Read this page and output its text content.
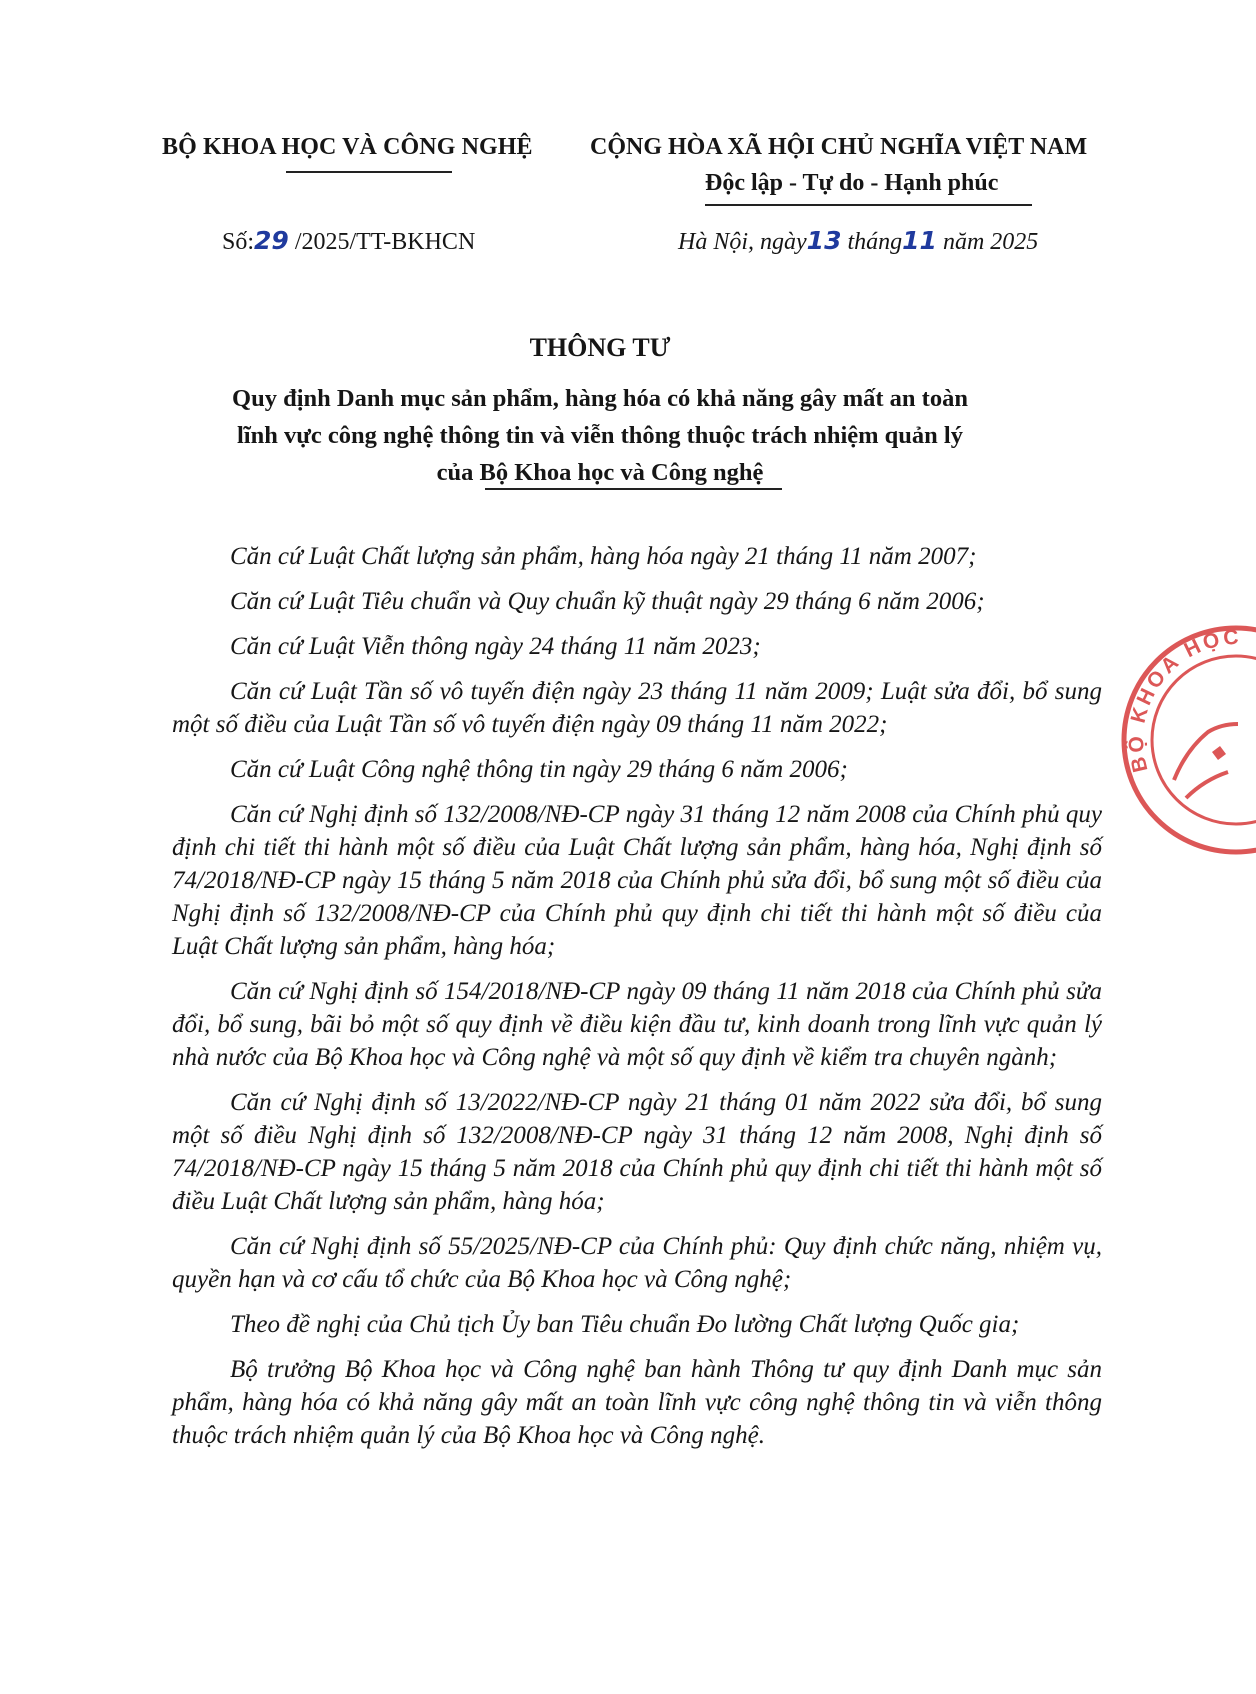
BỘ KHOA HỌC VÀ CÔNG NGHỆ	CỘNG HÒA XÃ HỘI CHỦ NGHĨA VIỆT NAM
Độc lập - Tự do - Hạnh phúc
Số:29 /2025/TT-BKHCN	Hà Nội, ngày13 tháng11 năm 2025
THÔNG TƯ
Quy định Danh mục sản phẩm, hàng hóa có khả năng gây mất an toàn
lĩnh vực công nghệ thông tin và viễn thông thuộc trách nhiệm quản lý
của Bộ Khoa học và Công nghệ

Căn cứ Luật Chất lượng sản phẩm, hàng hóa ngày 21 tháng 11 năm 2007;

Căn cứ Luật Tiêu chuẩn và Quy chuẩn kỹ thuật ngày 29 tháng 6 năm 2006;

Căn cứ Luật Viễn thông ngày 24 tháng 11 năm 2023;

Căn cứ Luật Tần số vô tuyến điện ngày 23 tháng 11 năm 2009; Luật sửa đổi, bổ sung một số điều của Luật Tần số vô tuyến điện ngày 09 tháng 11 năm 2022;

Căn cứ Luật Công nghệ thông tin ngày 29 tháng 6 năm 2006;

Căn cứ Nghị định số 132/2008/NĐ-CP ngày 31 tháng 12 năm 2008 của Chính phủ quy định chi tiết thi hành một số điều của Luật Chất lượng sản phẩm, hàng hóa, Nghị định số 74/2018/NĐ-CP ngày 15 tháng 5 năm 2018 của Chính phủ sửa đổi, bổ sung một số điều của Nghị định số 132/2008/NĐ-CP của Chính phủ quy định chi tiết thi hành một số điều của Luật Chất lượng sản phẩm, hàng hóa;

Căn cứ Nghị định số 154/2018/NĐ-CP ngày 09 tháng 11 năm 2018 của Chính phủ sửa đổi, bổ sung, bãi bỏ một số quy định về điều kiện đầu tư, kinh doanh trong lĩnh vực quản lý nhà nước của Bộ Khoa học và Công nghệ và một số quy định về kiểm tra chuyên ngành;

Căn cứ Nghị định số 13/2022/NĐ-CP ngày 21 tháng 01 năm 2022 sửa đổi, bổ sung một số điều Nghị định số 132/2008/NĐ-CP ngày 31 tháng 12 năm 2008, Nghị định số 74/2018/NĐ-CP ngày 15 tháng 5 năm 2018 của Chính phủ quy định chi tiết thi hành một số điều Luật Chất lượng sản phẩm, hàng hóa;

Căn cứ Nghị định số 55/2025/NĐ-CP của Chính phủ: Quy định chức năng, nhiệm vụ, quyền hạn và cơ cấu tổ chức của Bộ Khoa học và Công nghệ;

Theo đề nghị của Chủ tịch Ủy ban Tiêu chuẩn Đo lường Chất lượng Quốc gia;

Bộ trưởng Bộ Khoa học và Công nghệ ban hành Thông tư quy định Danh mục sản phẩm, hàng hóa có khả năng gây mất an toàn lĩnh vực công nghệ thông tin và viễn thông thuộc trách nhiệm quản lý của Bộ Khoa học và Công nghệ.

BỘ KHOA HỌC
